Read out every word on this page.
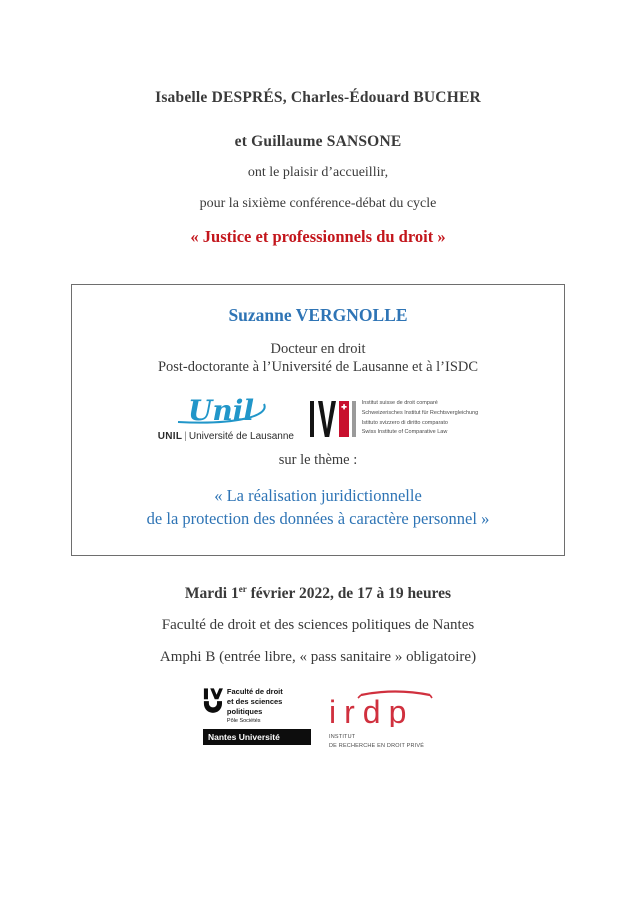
Isabelle DESPRÉS, Charles-Édouard BUCHER
et Guillaume SANSONE
ont le plaisir d’accueillir,
pour la sixième conférence-débat du cycle
« Justice et professionnels du droit »
Suzanne VERGNOLLE
Docteur en droit
Post-doctorante à l’Université de Lausanne et à l’ISDC
Unil
UNIL | Université de Lausanne
Institut suisse de droit comparé
Schweizerisches Institut für Rechtsvergleichung
Istituto svizzero di diritto comparato
Swiss Institute of Comparative Law
sur le thème :
« La réalisation juridictionnelle
de la protection des données à caractère personnel »
Mardi 1er février 2022, de 17 à 19 heures
Faculté de droit et des sciences politiques de Nantes
Amphi B (entrée libre, « pass sanitaire » obligatoire)
Faculté de droit
et des sciences politiques
Pôle Sociétés
Nantes Université
irdp
INSTITUT
DE RECHERCHE EN DROIT PRIVÉ
